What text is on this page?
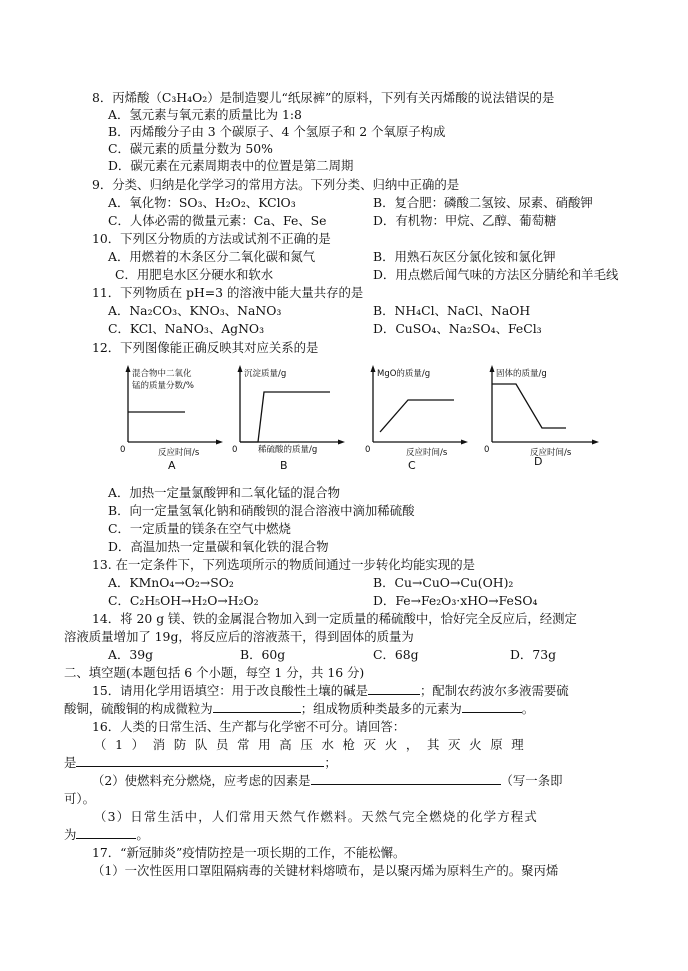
8．丙烯酸（C₃H₄O₂）是制造婴儿“纸尿裤”的原料，下列有关丙烯酸的说法错误的是
A．氢元素与氧元素的质量比为 1:8
B．丙烯酸分子由 3 个碳原子、4 个氢原子和 2 个氧原子构成
C．碳元素的质量分数为 50%
D．碳元素在元素周期表中的位置是第二周期
9．分类、归纳是化学学习的常用方法。下列分类、归纳中正确的是
A．氧化物：SO₃、H₂O₂、KClO₃	B．复合肥：磷酸二氢铵、尿素、硝酸钾
C．人体必需的微量元素：Ca、Fe、Se	D．有机物：甲烷、乙醇、葡萄糖
10．下列区分物质的方法或试剂不正确的是
A．用燃着的木条区分二氧化碳和氮气	B．用熟石灰区分氯化铵和氯化钾
C．用肥皂水区分硬水和软水	D．用点燃后闻气味的方法区分腈纶和羊毛线
11．下列物质在 pH=3 的溶液中能大量共存的是
A．Na₂CO₃、KNO₃、NaNO₃	B．NH₄Cl、NaCl、NaOH
C．KCl、NaNO₃、AgNO₃	D．CuSO₄、Na₂SO₄、FeCl₃
12．下列图像能正确反映其对应关系的是
混合物中二氧化
锰的质量分数/%
0	反应时间/s
A
沉淀质量/g
0 稀硫酸的质量/g
B
MgO的质量/g
0	反应时间/s
C
固体的质量/g
0	反应时间/s
D
A．加热一定量氯酸钾和二氧化锰的混合物
B．向一定量氢氧化钠和硝酸钡的混合溶液中滴加稀硫酸
C．一定质量的镁条在空气中燃烧
D．高温加热一定量碳和氧化铁的混合物
13. 在一定条件下，下列选项所示的物质间通过一步转化均能实现的是
A．KMnO₄→O₂→SO₂	B．Cu→CuO→Cu(OH)₂
C．C₂H₅OH→H₂O→H₂O₂	D．Fe→Fe₂O₃·xHO→FeSO₄
14．将 20 g 镁、铁的金属混合物加入到一定质量的稀硫酸中，恰好完全反应后，经测定
溶液质量增加了 19g，将反应后的溶液蒸干，得到固体的质量为
A．39g	B．60g	C．68g	D．73g
二、填空题(本题包括 6 个小题，每空 1 分，共 16 分)
15．请用化学用语填空：用于改良酸性土壤的碱是	；配制农药波尔多液需要硫
酸铜，硫酸铜的构成微粒为	；组成物质种类最多的元素为	。
16．人类的日常生活、生产都与化学密不可分。请回答：
（1）消防队员常用高压水枪灭火，其灭火原理
是	；
（2）使燃料充分燃烧，应考虑的因素是	（写一条即
可）。
（3）日常生活中，人们常用天然气作燃料。天然气完全燃烧的化学方程式
为	。
17．“新冠肺炎”疫情防控是一项长期的工作，不能松懈。
（1）一次性医用口罩阻隔病毒的关键材料熔喷布，是以聚丙烯为原料生产的。聚丙烯
